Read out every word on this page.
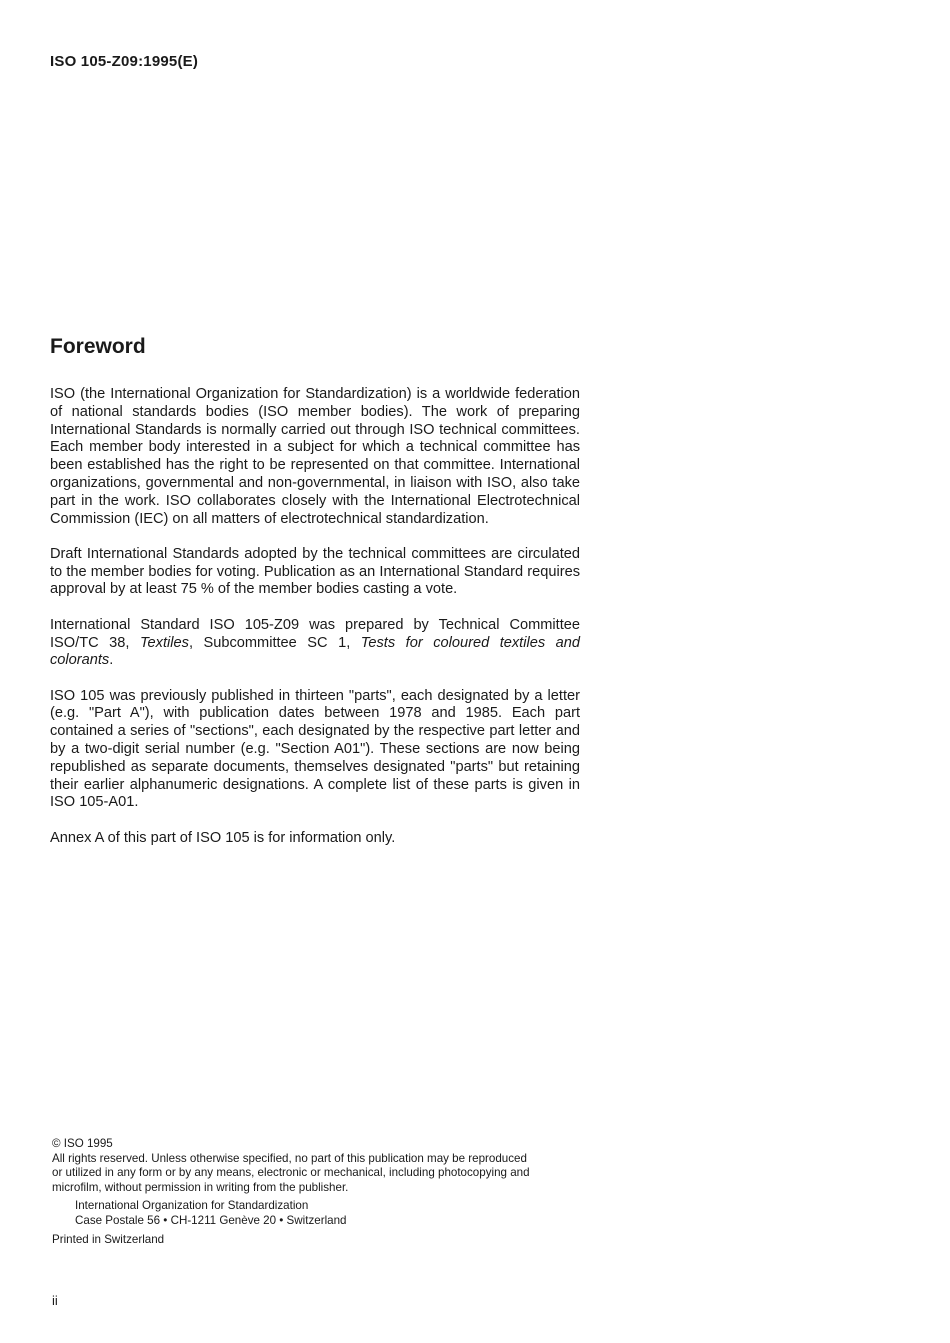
ISO 105-Z09:1995(E)
Foreword

ISO (the International Organization for Standardization) is a worldwide federation of national standards bodies (ISO member bodies). The work of preparing International Standards is normally carried out through ISO technical committees. Each member body interested in a subject for which a technical committee has been established has the right to be represented on that committee. International organizations, governmental and non-governmental, in liaison with ISO, also take part in the work. ISO collaborates closely with the International Electrotechnical Commission (IEC) on all matters of electrotechnical standardization.

Draft International Standards adopted by the technical committees are circulated to the member bodies for voting. Publication as an International Standard requires approval by at least 75 % of the member bodies casting a vote.

International Standard ISO 105-Z09 was prepared by Technical Committee ISO/TC 38, Textiles, Subcommittee SC 1, Tests for coloured textiles and colorants.

ISO 105 was previously published in thirteen "parts", each designated by a letter (e.g. "Part A"), with publication dates between 1978 and 1985. Each part contained a series of "sections", each designated by the respective part letter and by a two-digit serial number (e.g. "Section A01"). These sections are now being republished as separate documents, themselves designated "parts" but retaining their earlier alphanumeric designations. A complete list of these parts is given in ISO 105-A01.

Annex A of this part of ISO 105 is for information only.

© ISO 1995
All rights reserved. Unless otherwise specified, no part of this publication may be reproduced
or utilized in any form or by any means, electronic or mechanical, including photocopying and
microfilm, without permission in writing from the publisher.
International Organization for Standardization
Case Postale 56 • CH-1211 Genève 20 • Switzerland
Printed in Switzerland
ii
